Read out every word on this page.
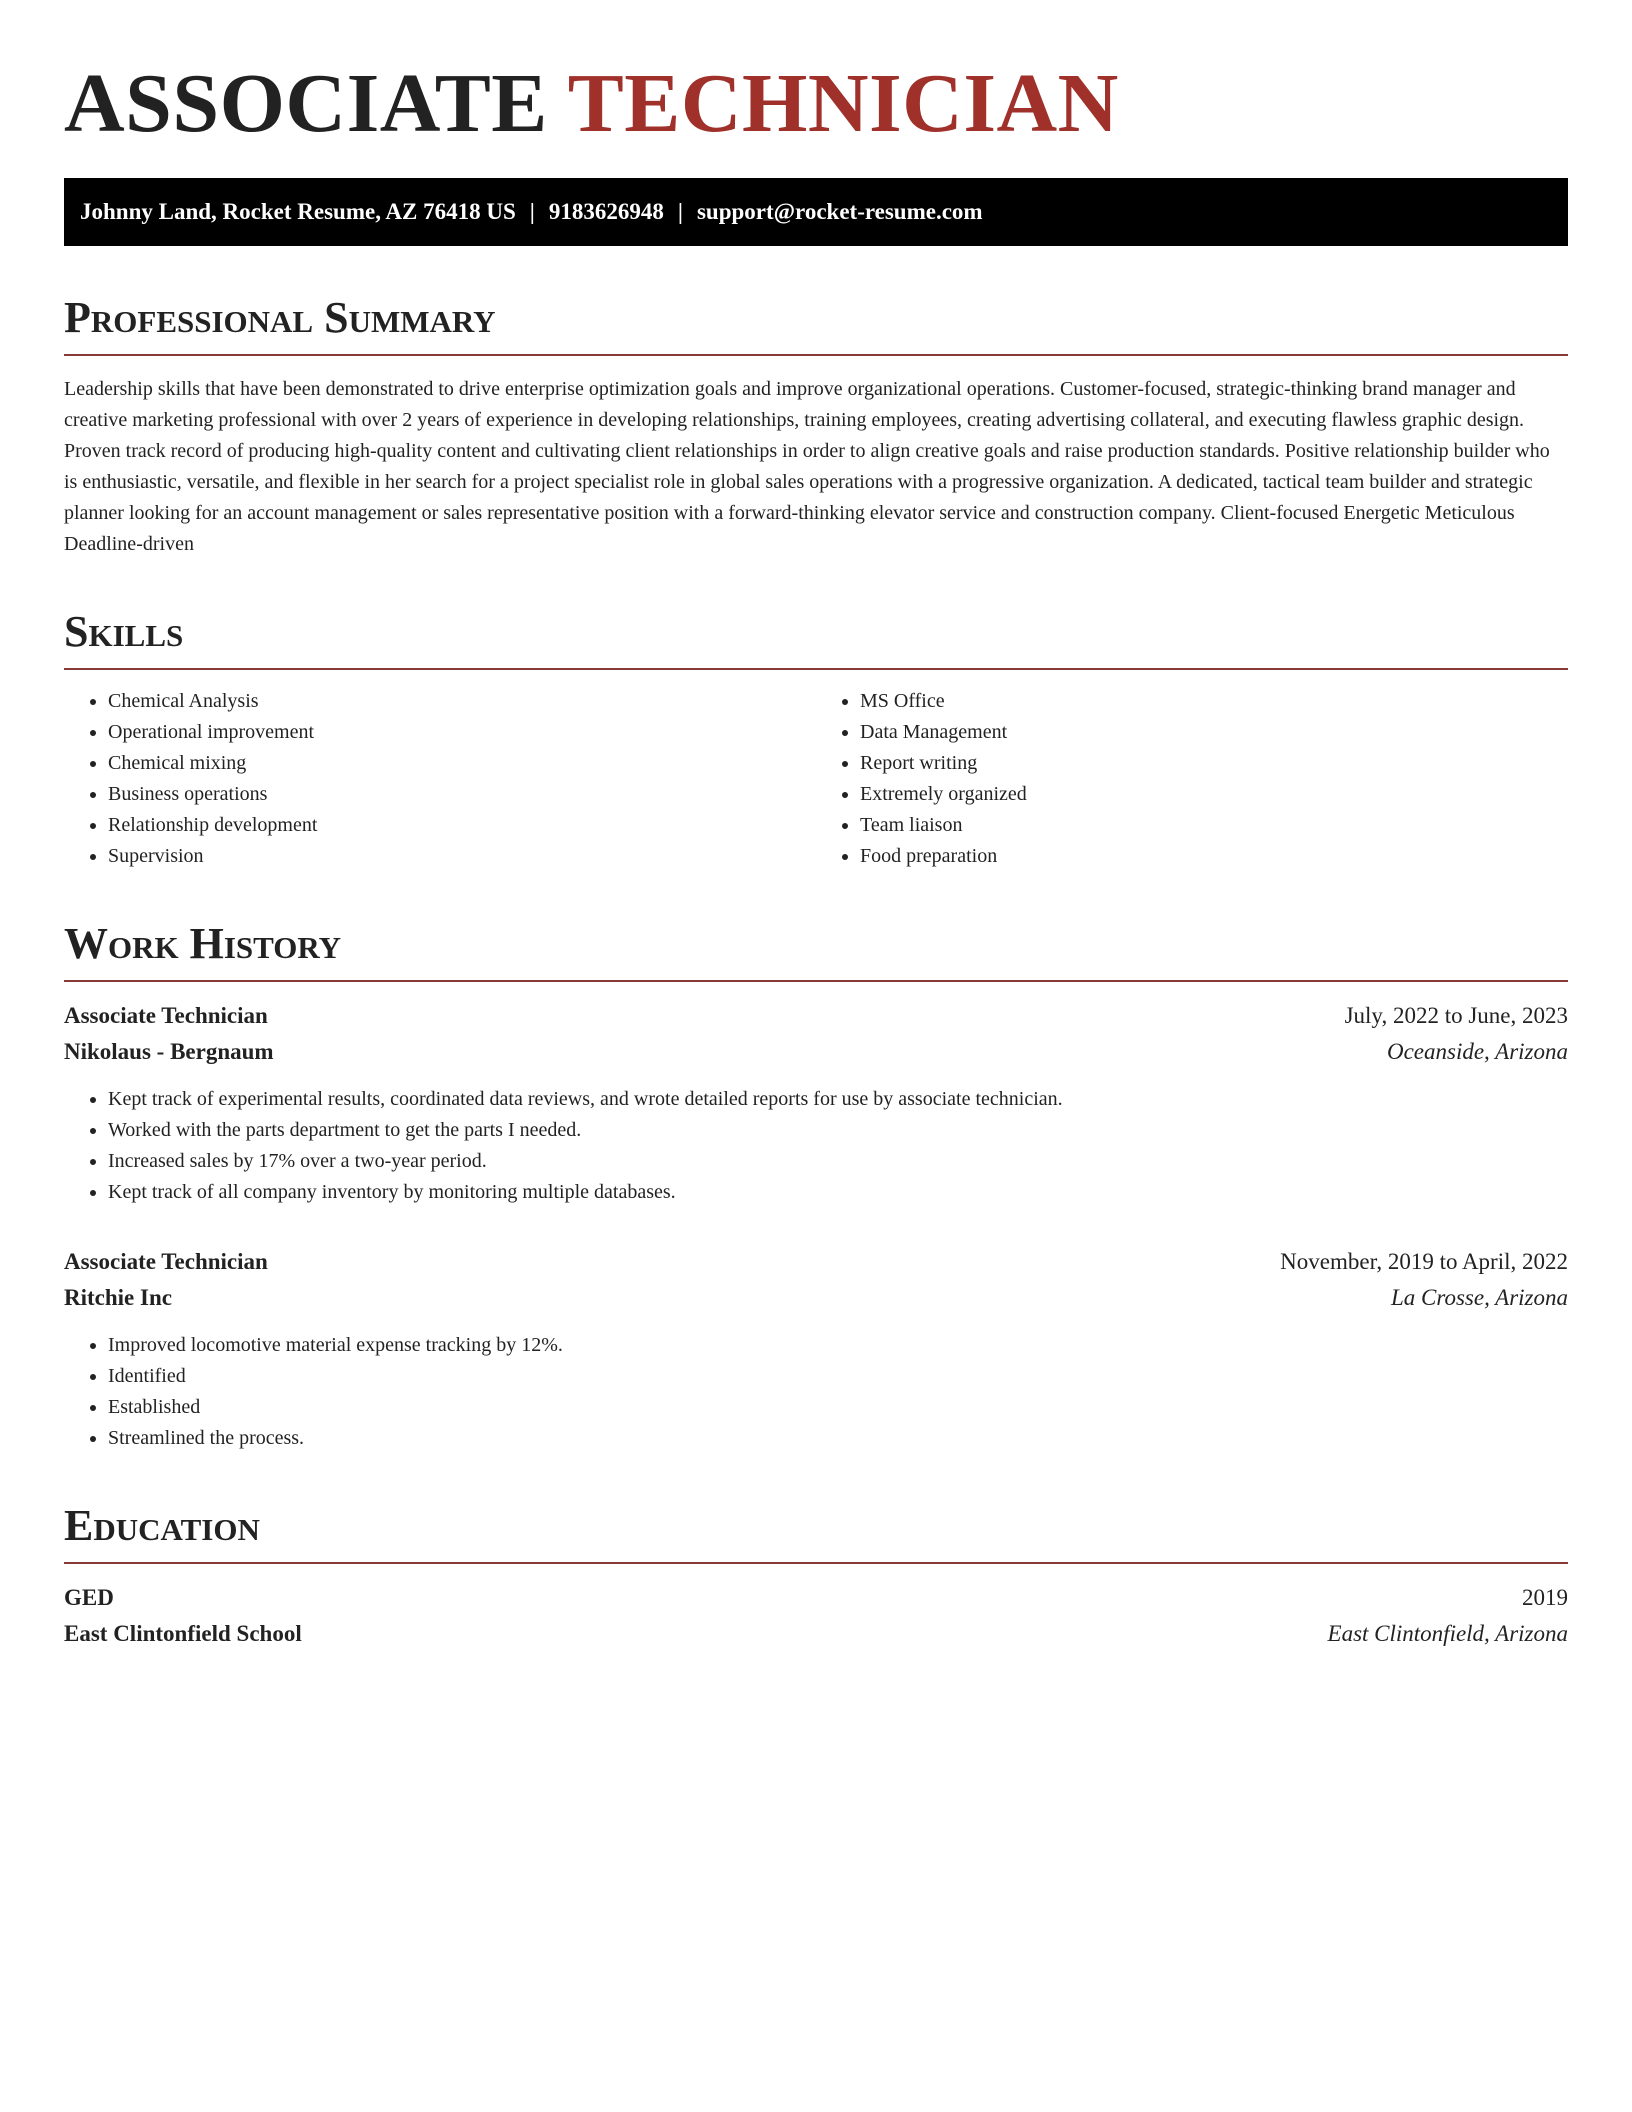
ASSOCIATE TECHNICIAN
Johnny Land, Rocket Resume, AZ 76418 US | 9183626948 | support@rocket-resume.com
Professional Summary

Leadership skills that have been demonstrated to drive enterprise optimization goals and improve organizational operations. Customer-focused, strategic-thinking brand manager and creative marketing professional with over 2 years of experience in developing relationships, training employees, creating advertising collateral, and executing flawless graphic design. Proven track record of producing high-quality content and cultivating client relationships in order to align creative goals and raise production standards. Positive relationship builder who is enthusiastic, versatile, and flexible in her search for a project specialist role in global sales operations with a progressive organization. A dedicated, tactical team builder and strategic planner looking for an account management or sales representative position with a forward-thinking elevator service and construction company. Client-focused Energetic Meticulous Deadline-driven

Skills
• Chemical Analysis
• Operational improvement
• Chemical mixing
• Business operations
• Relationship development
• Supervision
• MS Office
• Data Management
• Report writing
• Extremely organized
• Team liaison
• Food preparation
Work History
Associate Technician	July, 2022 to June, 2023
Nikolaus - Bergnaum	Oceanside, Arizona
• Kept track of experimental results, coordinated data reviews, and wrote detailed reports for use by associate technician.
• Worked with the parts department to get the parts I needed.
• Increased sales by 17% over a two-year period.
• Kept track of all company inventory by monitoring multiple databases.
Associate Technician	November, 2019 to April, 2022
Ritchie Inc	La Crosse, Arizona
• Improved locomotive material expense tracking by 12%.
• Identified
• Established
• Streamlined the process.
Education
GED	2019
East Clintonfield School	East Clintonfield, Arizona
